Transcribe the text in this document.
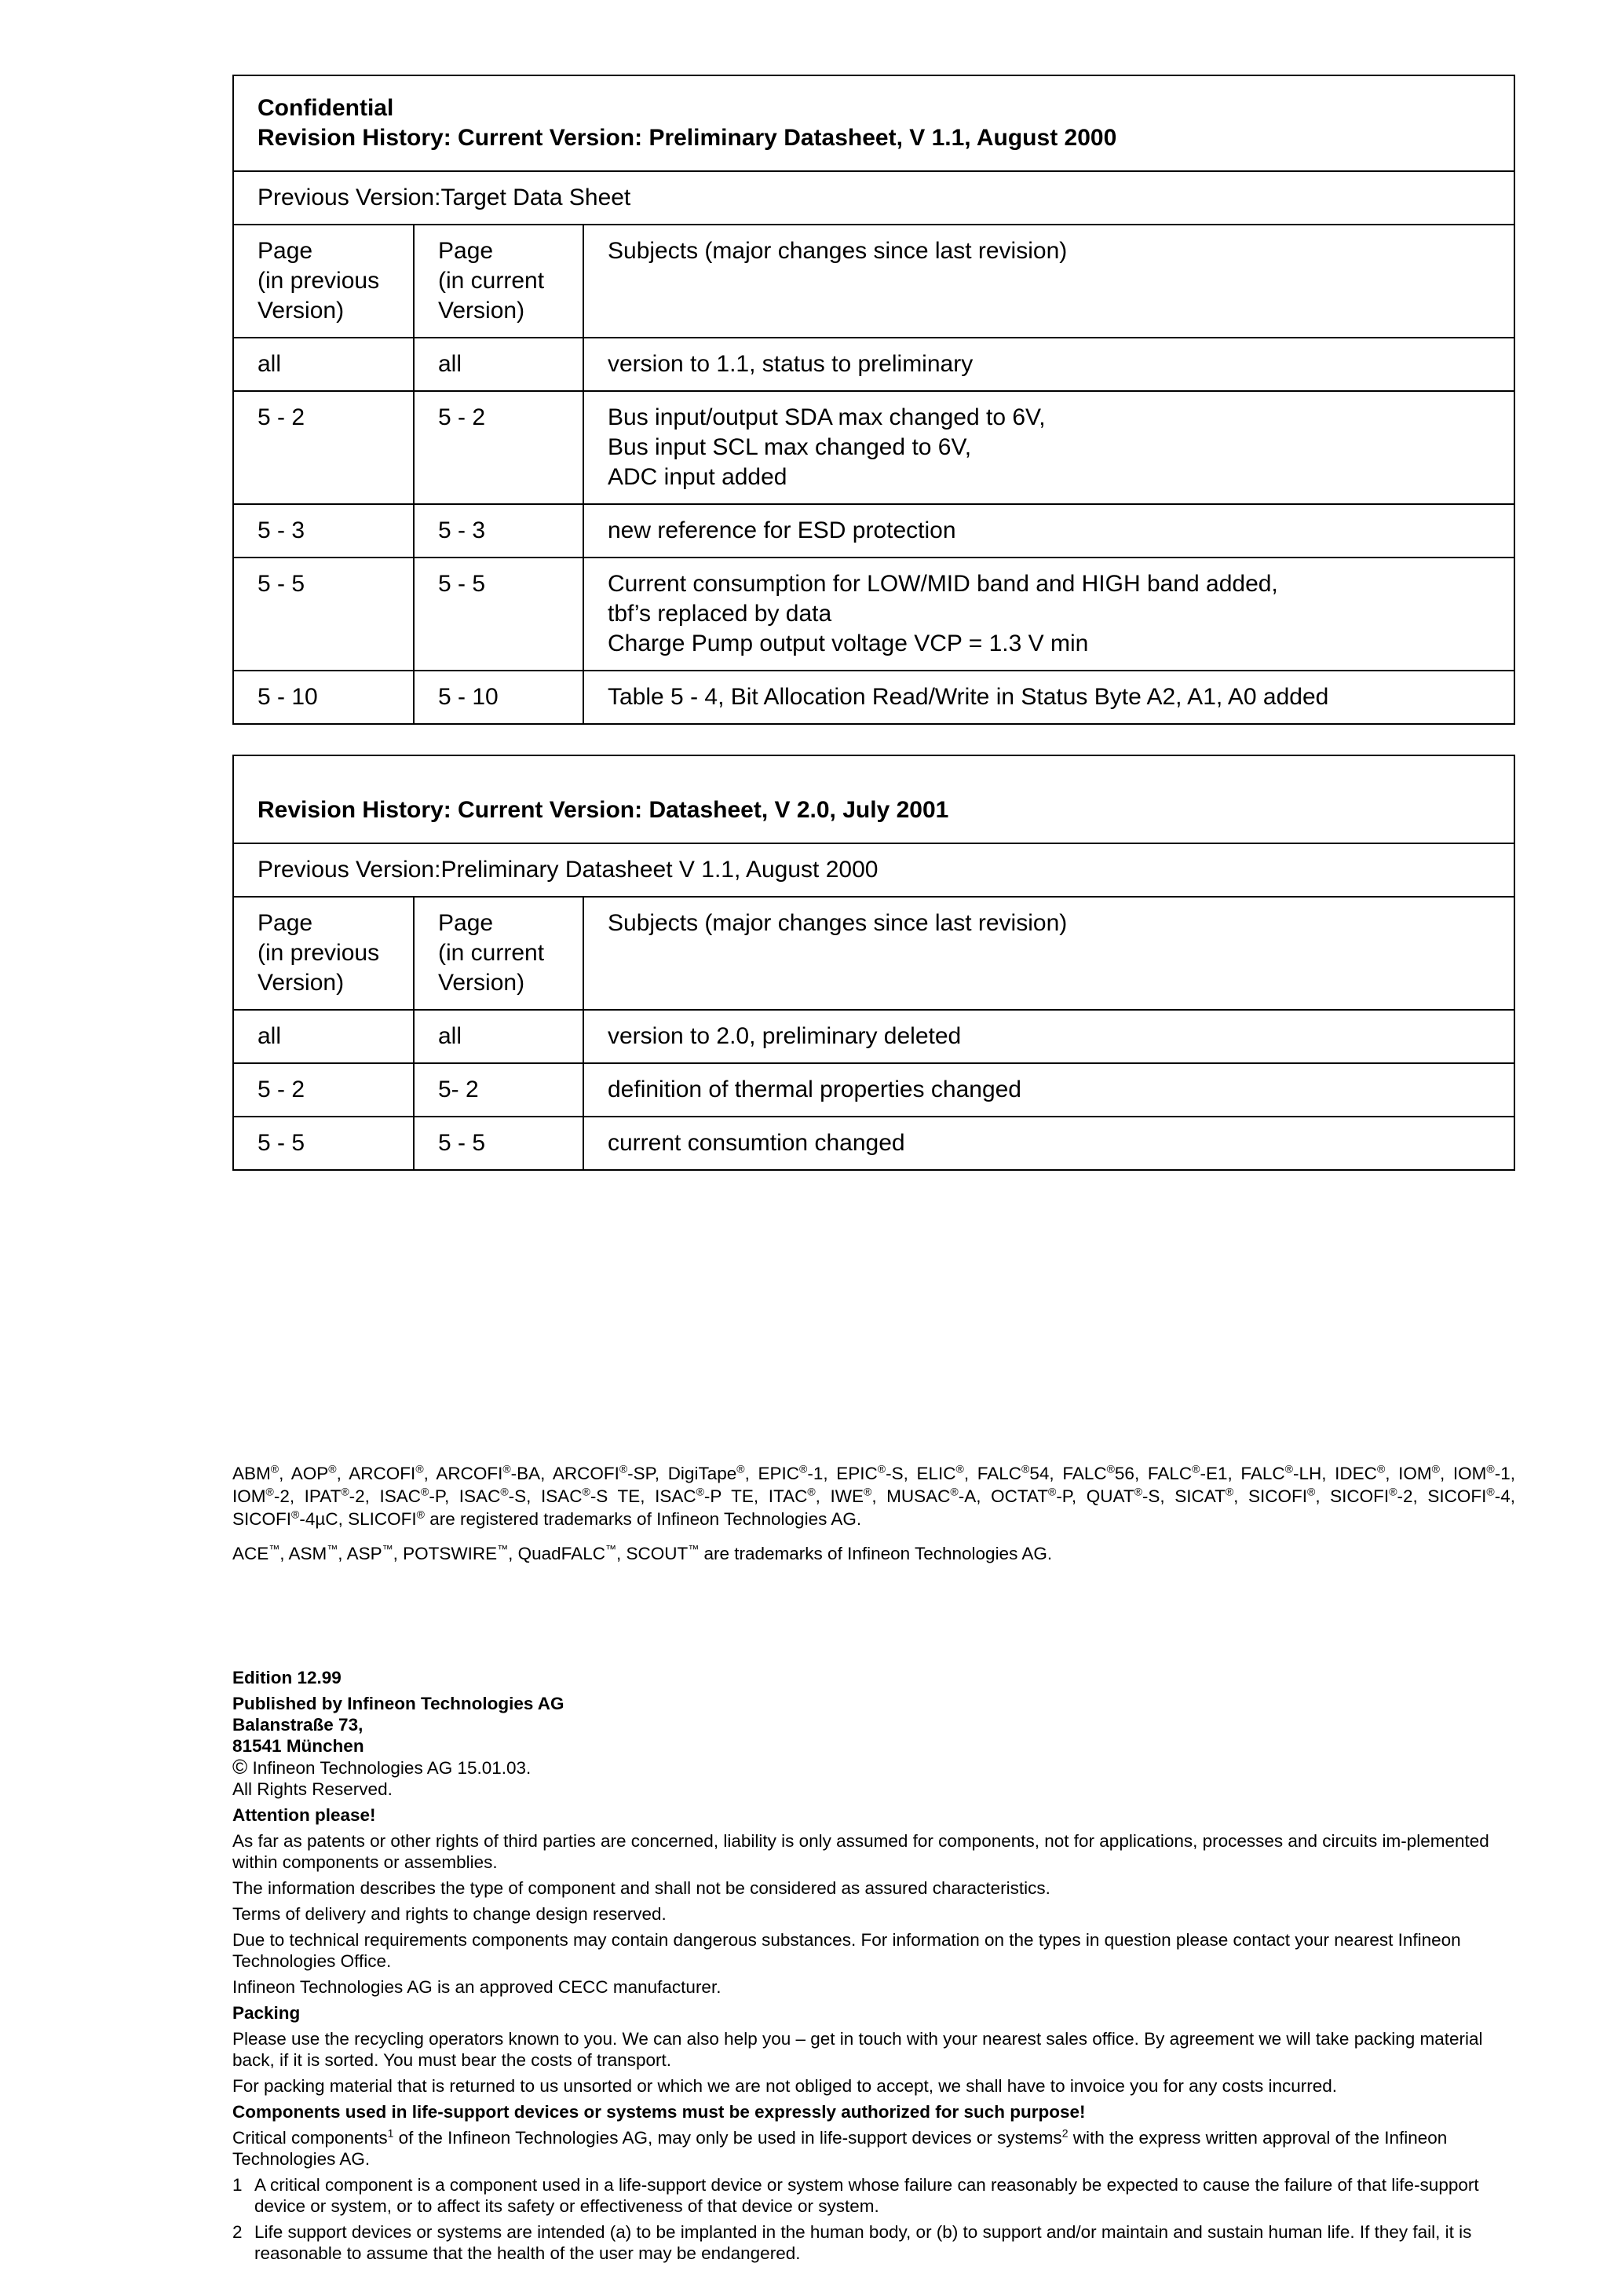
Confidential
Revision History: Current Version: Preliminary Datasheet, V 1.1, August 2000		

Previous Version:Target Data Sheet		
Page
(in previous
Version)	Page
(in current
Version)	Subjects (major changes since last revision)
all	all	version to 1.1, status to preliminary
5 - 2	5 - 2	Bus input/output SDA max changed to 6V,
Bus input SCL max changed to 6V,
ADC input added
5 - 3	5 - 3	new reference for ESD protection
5 - 5	5 - 5	Current consumption for LOW/MID band and HIGH band added,
tbf’s replaced by data
Charge Pump output voltage VCP = 1.3 V min
5 - 10	5 - 10	Table 5 - 4, Bit Allocation Read/Write in Status Byte A2, A1, A0 added
Revision History: Current Version: Datasheet, V 2.0, July 2001		
Previous Version:Preliminary Datasheet V 1.1, August 2000		
Page
(in previous
Version)	Page
(in current
Version)	Subjects (major changes since last revision)
all	all	version to 2.0, preliminary deleted
5 - 2	5- 2	definition of thermal properties changed
5 - 5	5 - 5	current consumtion changed
ABM®, AOP®, ARCOFI®, ARCOFI®-BA, ARCOFI®-SP, DigiTape®, EPIC®-1, EPIC®-S, ELIC®, FALC®54, FALC®56, FALC®-E1, FALC®-LH, IDEC®, IOM®, IOM®-1, IOM®-2, IPAT®-2, ISAC®-P, ISAC®-S, ISAC®-S TE, ISAC®-P TE, ITAC®, IWE®, MUSAC®-A, OCTAT®-P, QUAT®-S, SICAT®, SICOFI®, SICOFI®-2, SICOFI®-4, SICOFI®-4µC, SLICOFI® are registered trademarks of Infineon Technologies AG.
ACE™, ASM™, ASP™, POTSWIRE™, QuadFALC™, SCOUT™ are trademarks of Infineon Technologies AG.

Edition 12.99

Published by Infineon Technologies AG

Balanstraße 73,

81541 München

© Infineon Technologies AG 15.01.03.

All Rights Reserved.

Attention please!

As far as patents or other rights of third parties are concerned, liability is only assumed for components, not for applications, processes and circuits im-plemented within components or assemblies.

The information describes the type of component and shall not be considered as assured characteristics.

Terms of delivery and rights to change design reserved.

Due to technical requirements components may contain dangerous substances. For information on the types in question please contact your nearest Infineon Technologies Office.

Infineon Technologies AG is an approved CECC manufacturer.

Packing

Please use the recycling operators known to you. We can also help you – get in touch with your nearest sales office. By agreement we will take packing material back, if it is sorted. You must bear the costs of transport.

For packing material that is returned to us unsorted or which we are not obliged to accept, we shall have to invoice you for any costs incurred.

Components used in life-support devices or systems must be expressly authorized for such purpose!

Critical components$^1$ of the Infineon Technologies AG, may only be used in life-support devices or systems$^2$ with the express written approval of the Infineon Technologies AG.

1 A critical component is a component used in a life-support device or system whose failure can reasonably be expected to cause the failure of that life-support device or system, or to affect its safety or effectiveness of that device or system.
2 Life support devices or systems are intended (a) to be implanted in the human body, or (b) to support and/or maintain and sustain human life. If they fail, it is reasonable to assume that the health of the user may be endangered.
